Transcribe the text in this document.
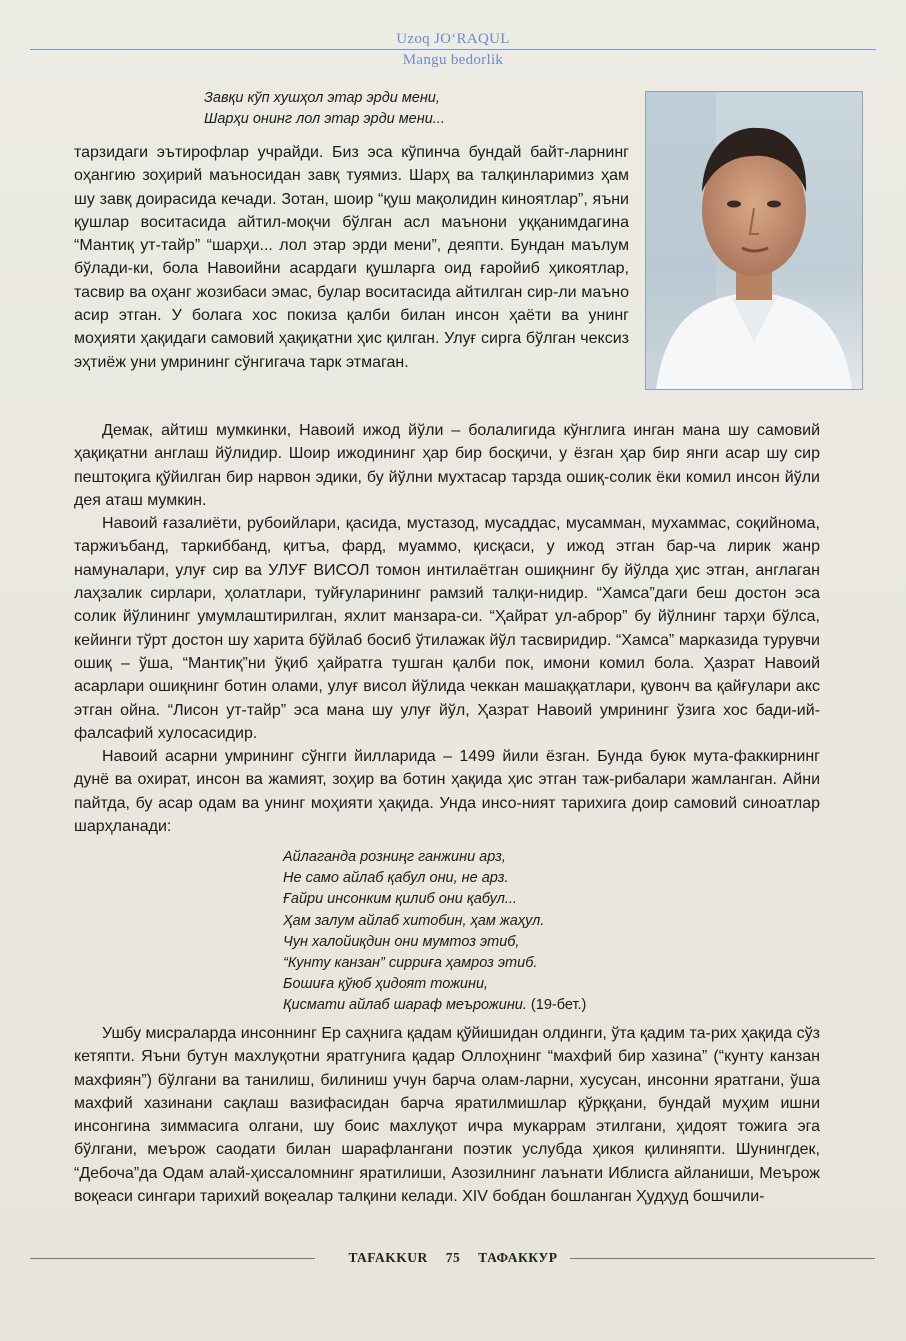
Uzoq JO‘RAQUL
Mangu bedorlik
Завқи кўп хушҳол этар эрди мени,
Шарҳи онинг лол этар эрди мени...

тарзидаги эътирофлар учрайди. Биз эса кўпинча бундай байт-ларнинг оҳангию зоҳирий маъносидан завқ туямиз. Шарҳ ва талқинларимиз ҳам шу завқ доирасида кечади. Зотан, шоир “қуш мақолидин киноятлар”, яъни қушлар воситасида айтил-моқчи бўлган асл маънони уққанимдагина “Мантиқ ут-тайр” “шарҳи... лол этар эрди мени”, деяпти. Бундан маълум бўлади-ки, бола Навоийни асардаги қушларга оид ғаройиб ҳикоятлар, тасвир ва оҳанг жозибаси эмас, булар воситасида айтилган сир-ли маъно асир этган. У болага хос покиза қалби билан инсон ҳаёти ва унинг моҳияти ҳақидаги самовий ҳақиқатни ҳис қилган. Улуғ сирга бўлган чексиз эҳтиёж уни умрининг сўнгигача тарк этмаган.

Демак, айтиш мумкинки, Навоий ижод йўли – болалигида кўнглига инган мана шу самовий ҳақиқатни англаш йўлидир. Шоир ижодининг ҳар бир босқичи, у ёзган ҳар бир янги асар шу сир пештоқига қўйилган бир нарвон эдики, бу йўлни мухтасар тарзда ошиқ-солик ёки комил инсон йўли дея аташ мумкин.

Навоий ғазалиёти, рубоийлари, қасида, мустазод, мусаддас, мусамман, мухаммас, соқийнома, таржиъбанд, таркиббанд, қитъа, фард, муаммо, қисқаси, у ижод этган бар-ча лирик жанр намуналари, улуғ сир ва УЛУҒ ВИСОЛ томон интилаётган ошиқнинг бу йўлда ҳис этган, англаган лаҳзалик сирлари, ҳолатлари, туйғуларининг рамзий талқи-нидир. “Хамса”даги беш достон эса солик йўлининг умумлаштирилган, яхлит манзара-си. “Ҳайрат ул-аброр” бу йўлнинг тарҳи бўлса, кейинги тўрт достон шу харита бўйлаб босиб ўтилажак йўл тасвиридир. “Хамса” марказида турувчи ошиқ – ўша, “Мантиқ”ни ўқиб ҳайратга тушган қалби пок, имони комил бола. Ҳазрат Навоий асарлари ошиқнинг ботин олами, улуғ висол йўлида чеккан машаққатлари, қувонч ва қайғулари акс этган ойна. “Лисон ут-тайр” эса мана шу улуғ йўл, Ҳазрат Навоий умрининг ўзига хос бади-ий-фалсафий хулосасидир.

Навоий асарни умрининг сўнгги йилларида – 1499 йили ёзган. Бунда буюк мута-факкирнинг дунё ва охират, инсон ва жамият, зоҳир ва ботин ҳақида ҳис этган таж-рибалари жамланган. Айни пайтда, бу асар одам ва унинг моҳияти ҳақида. Унда инсо-ният тарихига доир самовий синоатлар шарҳланади:

Айлаганда розниңг ганжини арз,
Не само айлаб қабул они, не арз.
Ғайри инсонким қилиб они қабул...
Ҳам залум айлаб хитобин, ҳам жаҳул.
Чун халойиқдин они мумтоз этиб,
“Кунту канзан” сирриға ҳамроз этиб.
Бошиға қўюб ҳидоят тожини,
Қисмати айлаб шараф меърожини. (19-бет.)

Ушбу мисраларда инсоннинг Ер саҳнига қадам қўйишидан олдинги, ўта қадим та-рих ҳақида сўз кетяпти. Яъни бутун махлуқотни яратгунига қадар Оллоҳнинг “махфий бир хазина” (“кунту канзан махфиян”) бўлгани ва танилиш, билиниш учун барча олам-ларни, хусусан, инсонни яратгани, ўша махфий хазинани сақлаш вазифасидан барча яратилмишлар қўрққани, бундай муҳим ишни инсонгина зиммасига олгани, шу боис махлуқот ичра мукаррам этилгани, ҳидоят тожига эга бўлгани, меърож саодати билан шарафлангани поэтик услубда ҳикоя қилиняпти. Шунингдек, “Дебоча”да Одам алай-ҳиссаломнинг яратилиши, Азозилнинг лаънати Иблисга айланиши, Меърож воқеаси сингари тарихий воқеалар талқини келади. XIV бобдан бошланган Ҳудҳуд бошчили-

TAFAKKUR 75 ТАФАККУР
